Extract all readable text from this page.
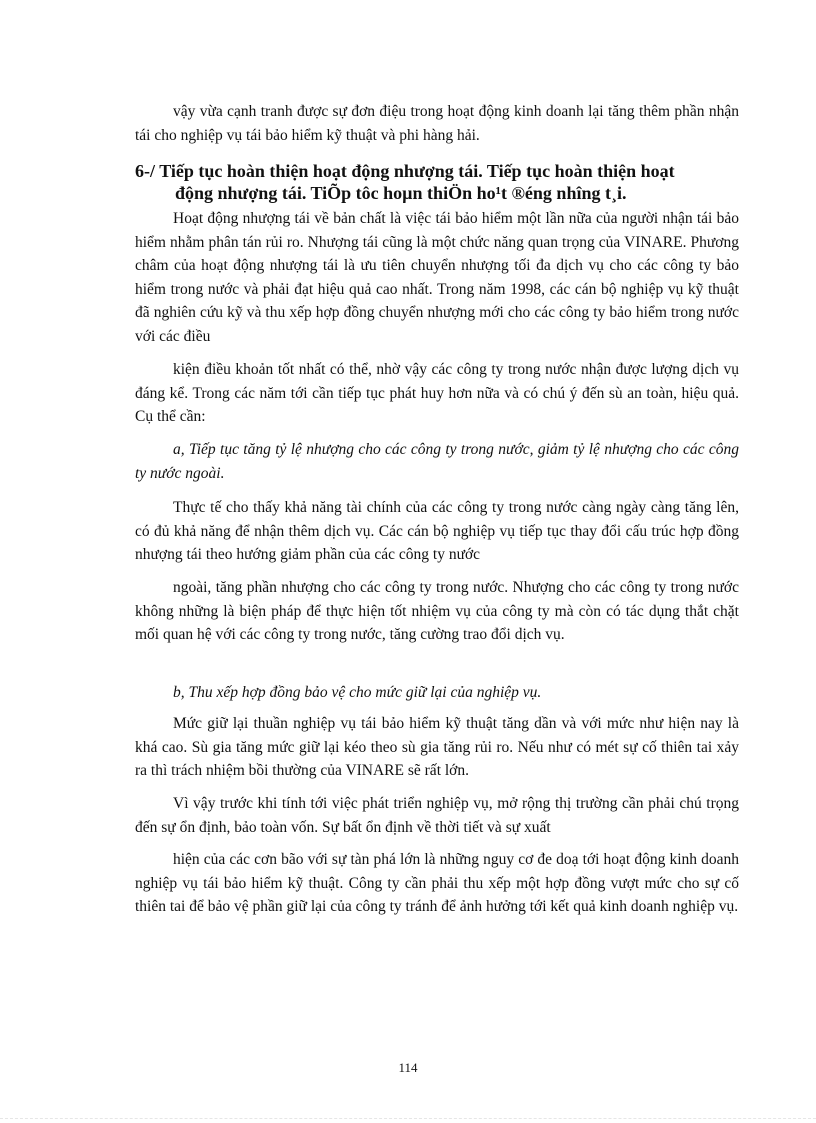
vậy vừa cạnh tranh được sự đơn điệu trong hoạt động kinh doanh lại tăng thêm phần nhận tái cho nghiệp vụ tái bảo hiểm kỹ thuật và phi hàng hải.

6-/ Tiếp tục hoàn thiện hoạt động nhượng tái. Tiếp tục hoàn thiện hoạt
động nhượng tái. TiÕp tôc hoµn thiÖn ho¹t ®éng nhîng t¸i.

Hoạt động nhượng tái về bản chất là việc tái bảo hiểm một lần nữa của người nhận tái bảo hiểm nhằm phân tán rủi ro. Nhượng tái cũng là một chức năng quan trọng của VINARE. Phương châm của hoạt động nhượng tái là ưu tiên chuyển nhượng tối đa dịch vụ cho các công ty bảo hiểm trong nước và phải đạt hiệu quả cao nhất. Trong năm 1998, các cán bộ nghiệp vụ kỹ thuật đã nghiên cứu kỹ và thu xếp hợp đồng chuyển nhượng mới cho các công ty bảo hiểm trong nước với các điều

kiện điều khoản tốt nhất có thể, nhờ vậy các công ty trong nước nhận được lượng dịch vụ đáng kể. Trong các năm tới cần tiếp tục phát huy hơn nữa và có chú ý đến sù an toàn, hiệu quả. Cụ thể cần:

a, Tiếp tục tăng tỷ lệ nhượng cho các công ty trong nước, giảm tỷ lệ nhượng cho các công ty nước ngoài.

Thực tế cho thấy khả năng tài chính của các công ty trong nước càng ngày càng tăng lên, có đủ khả năng để nhận thêm dịch vụ. Các cán bộ nghiệp vụ tiếp tục thay đổi cấu trúc hợp đồng nhượng tái theo hướng giảm phần của các công ty nước

ngoài, tăng phần nhượng cho các công ty trong nước. Nhượng cho các công ty trong nước không những là biện pháp để thực hiện tốt nhiệm vụ của công ty mà còn có tác dụng thắt chặt mối quan hệ với các công ty trong nước, tăng cường trao đổi dịch vụ.

b, Thu xếp hợp đồng bảo vệ cho mức giữ lại của nghiệp vụ.

Mức giữ lại thuần nghiệp vụ tái bảo hiểm kỹ thuật tăng dần và với mức như hiện nay là khá cao. Sù gia tăng mức giữ lại kéo theo sù gia tăng rủi ro. Nếu như có mét sự cố thiên tai xảy ra thì trách nhiệm bồi thường của VINARE sẽ rất lớn.

Vì vậy trước khi tính tới việc phát triển nghiệp vụ, mở rộng thị trường cần phải chú trọng đến sự ổn định, bảo toàn vốn. Sự bất ổn định về thời tiết và sự xuất

hiện của các cơn bão với sự tàn phá lớn là những nguy cơ đe doạ tới hoạt động kinh doanh nghiệp vụ tái bảo hiểm kỹ thuật. Công ty cần phải thu xếp một hợp đồng vượt mức cho sự cố thiên tai để bảo vệ phần giữ lại của công ty tránh để ảnh hưởng tới kết quả kinh doanh nghiệp vụ.

114
